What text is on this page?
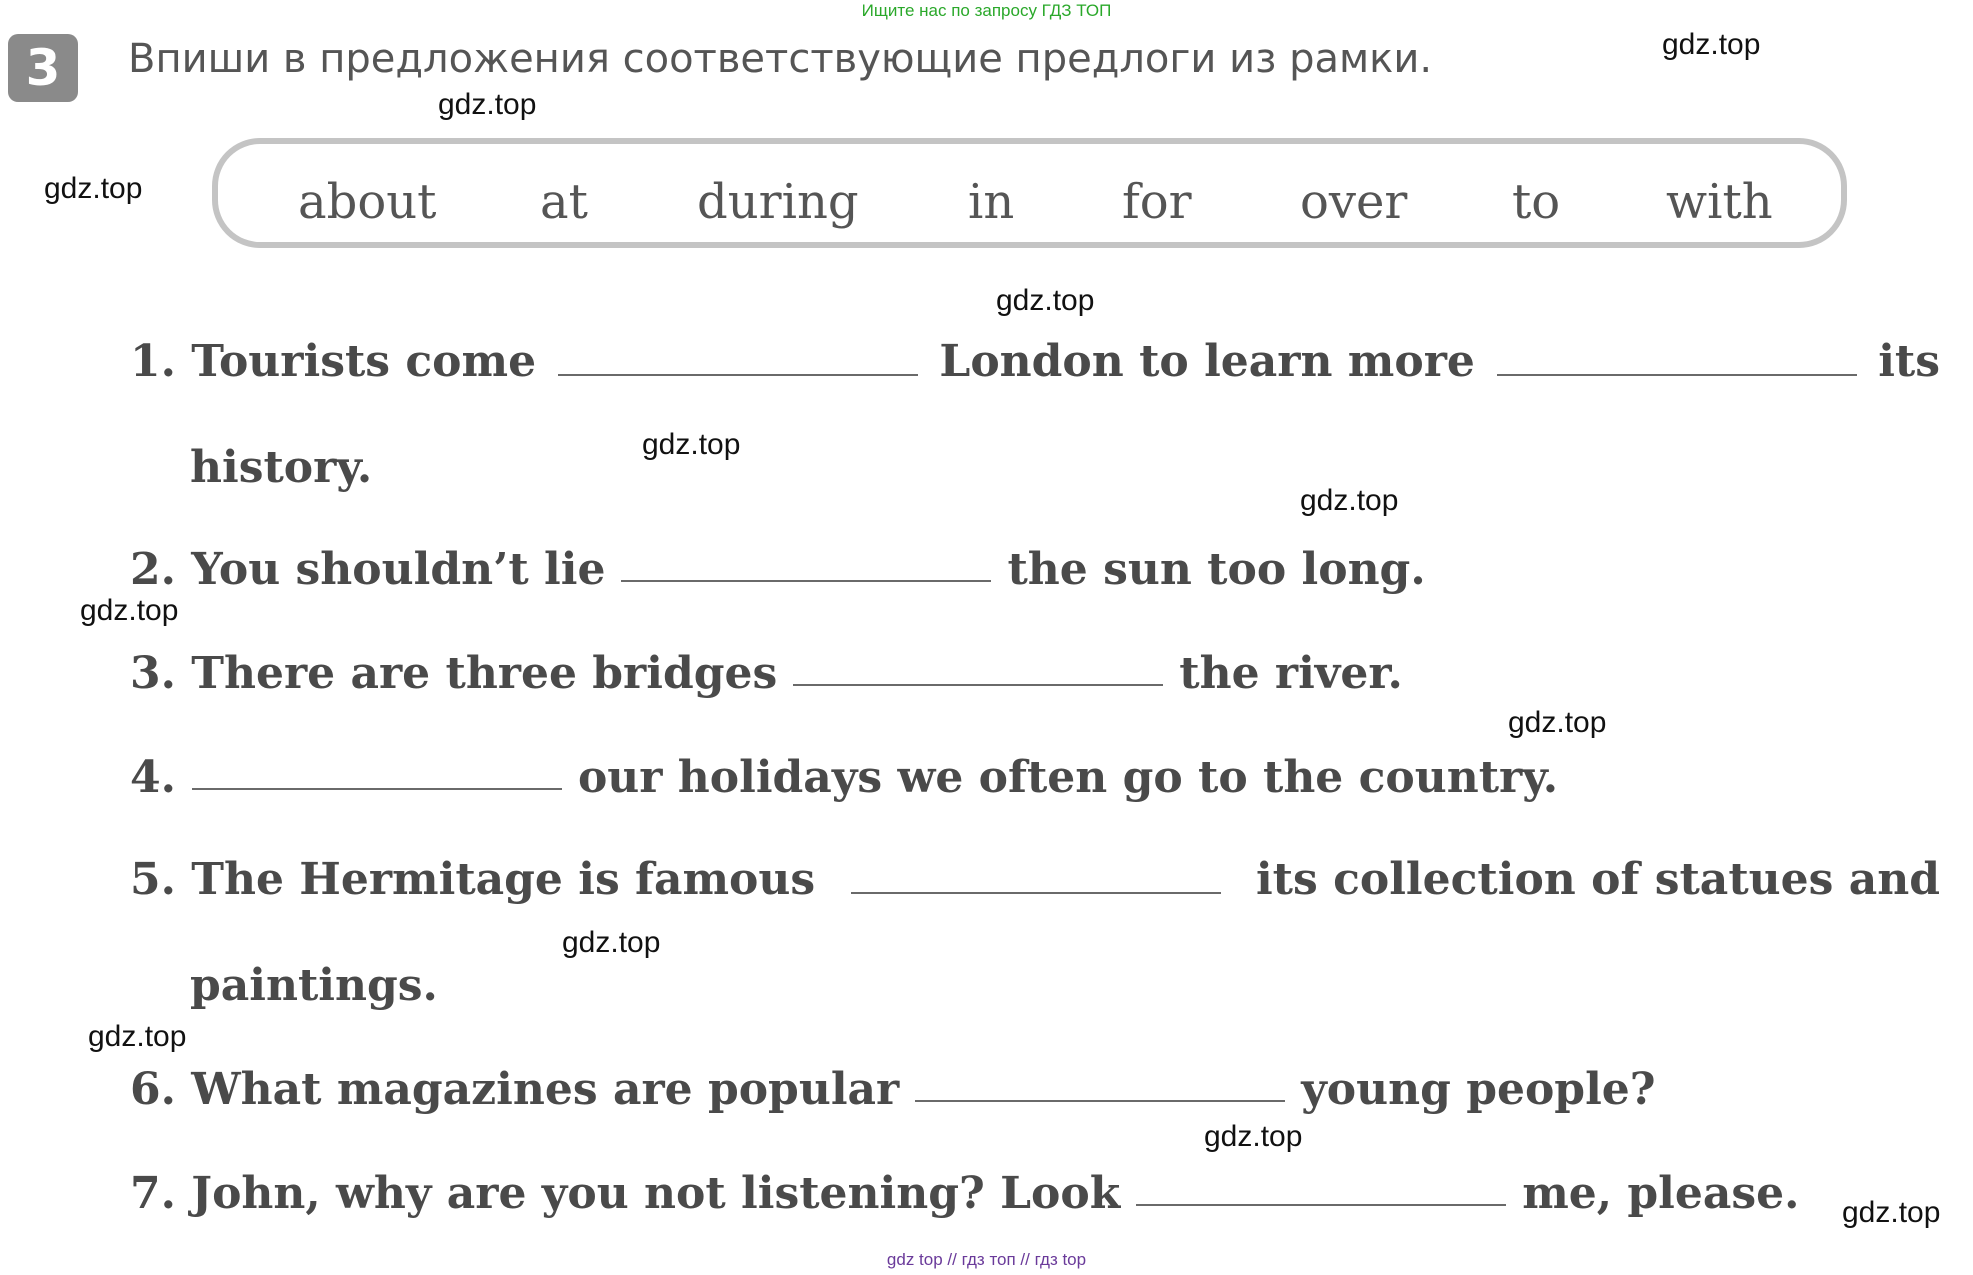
Ищите нас по запросу ГДЗ ТОП
3	Впиши в предложения соответствующие предлоги из рамки.
about at during in for over to with
1. Tourists come	London to learn more	its
history.
2. You shouldn’t lie	the sun too long.
3. There are three bridges	the river.
4.	our holidays we often go to the country.
5. The Hermitage is famous	its collection of statues and
paintings.
6. What magazines are popular	young people?
7. John, why are you not listening? Look	me, please.
gdz.top
gdz.top
gdz.top
gdz.top
gdz.top
gdz.top
gdz.top
gdz.top
gdz.top
gdz.top
gdz.top
gdz.top
gdz top // гдз топ // гдз top
